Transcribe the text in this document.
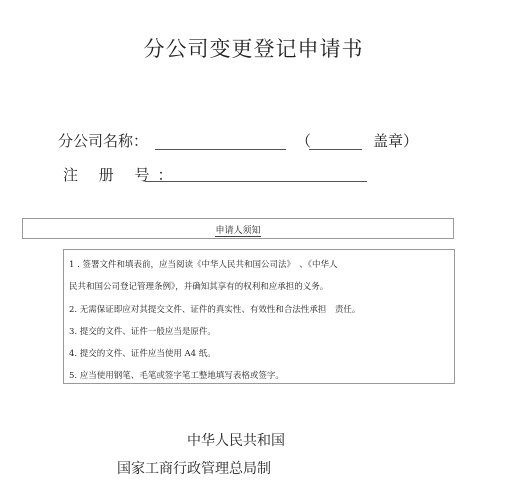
分公司变更登记申请书
分公司名称：	（	盖章）
注 册 号：
申请人须知
1 . 签署文件和填表前，应当阅读《中华人民共和国公司法》　、《中华人
民共和国公司登记管理条例》，并确知其享有的权利和应承担的义务。
2. 无需保证即应对其提交文件、证件的真实性、有效性和合法性承担　责任。
3. 提交的文件、证件一般应当是原件。
4. 提交的文件、证件应当使用 A4 纸。
5. 应当使用钢笔、毛笔或签字笔工整地填写表格或签字。
中华人民共和国
国家工商行政管理总局制
